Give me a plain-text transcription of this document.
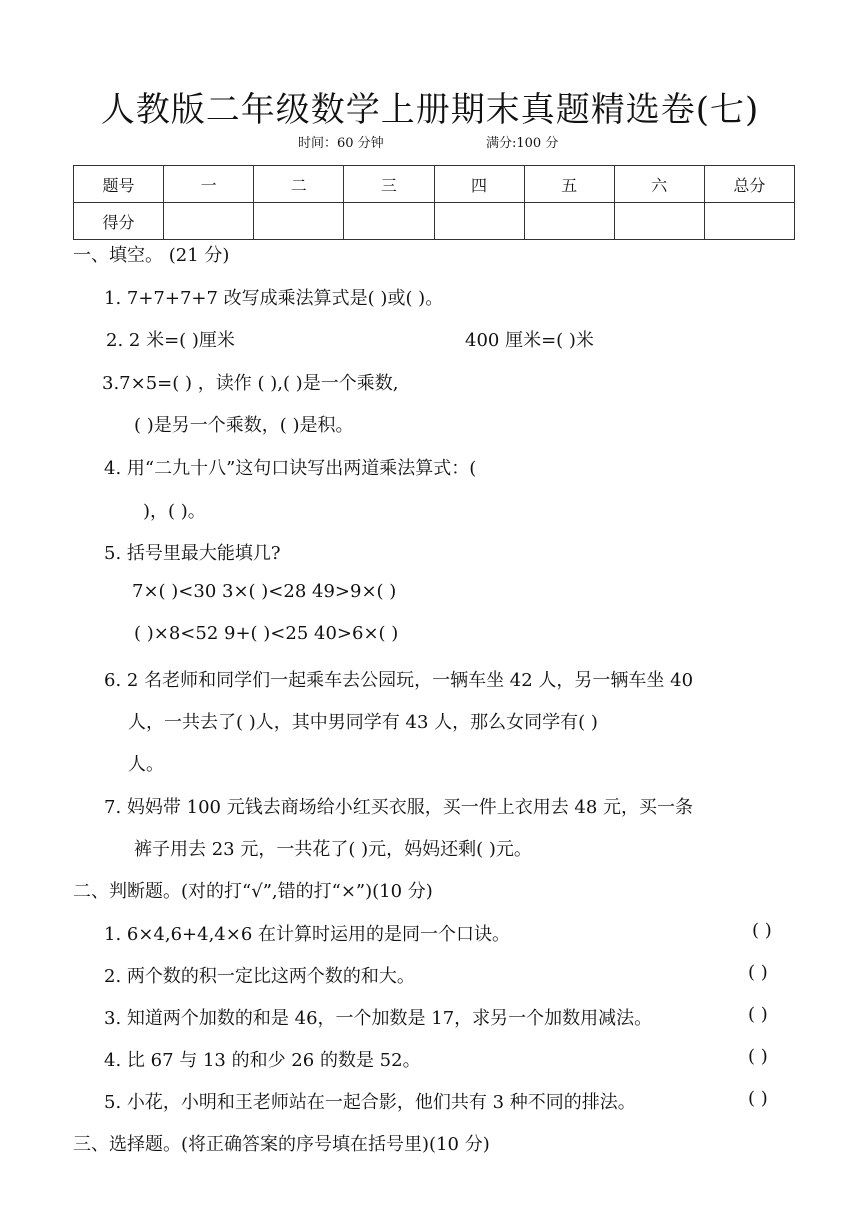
人教版二年级数学上册期末真题精选卷(七)
时间：60 分钟	满分:100 分
题号	一	二	三	四	五	六	总分
得分							
一、填空。 (21 分)
1. 7+7+7+7 改写成乘法算式是( )或( )。
2. 2 米=( )厘米	400 厘米=( )米
3.7×5=( ) ，读作 ( ),( )是一个乘数,
( )是另一个乘数，( )是积。
4. 用“二九十八”这句口诀写出两道乘法算式：(
)，( )。
5. 括号里最大能填几?
7×( )<30 3×( )<28 49>9×( )
( )×8<52 9+( )<25 40>6×( )
6. 2 名老师和同学们一起乘车去公园玩，一辆车坐 42 人，另一辆车坐 40
人，一共去了( )人，其中男同学有 43 人，那么女同学有( )
人。
7. 妈妈带 100 元钱去商场给小红买衣服，买一件上衣用去 48 元，买一条
裤子用去 23 元，一共花了( )元，妈妈还剩( )元。
二、判断题。(对的打“√”,错的打“×”)(10 分)
1. 6×4,6+4,4×6 在计算时运用的是同一个口诀。	( )
2. 两个数的积一定比这两个数的和大。	( )
3. 知道两个加数的和是 46，一个加数是 17，求另一个加数用减法。	( )
4. 比 67 与 13 的和少 26 的数是 52。	( )
5. 小花，小明和王老师站在一起合影，他们共有 3 种不同的排法。	( )
三、选择题。(将正确答案的序号填在括号里)(10 分)
